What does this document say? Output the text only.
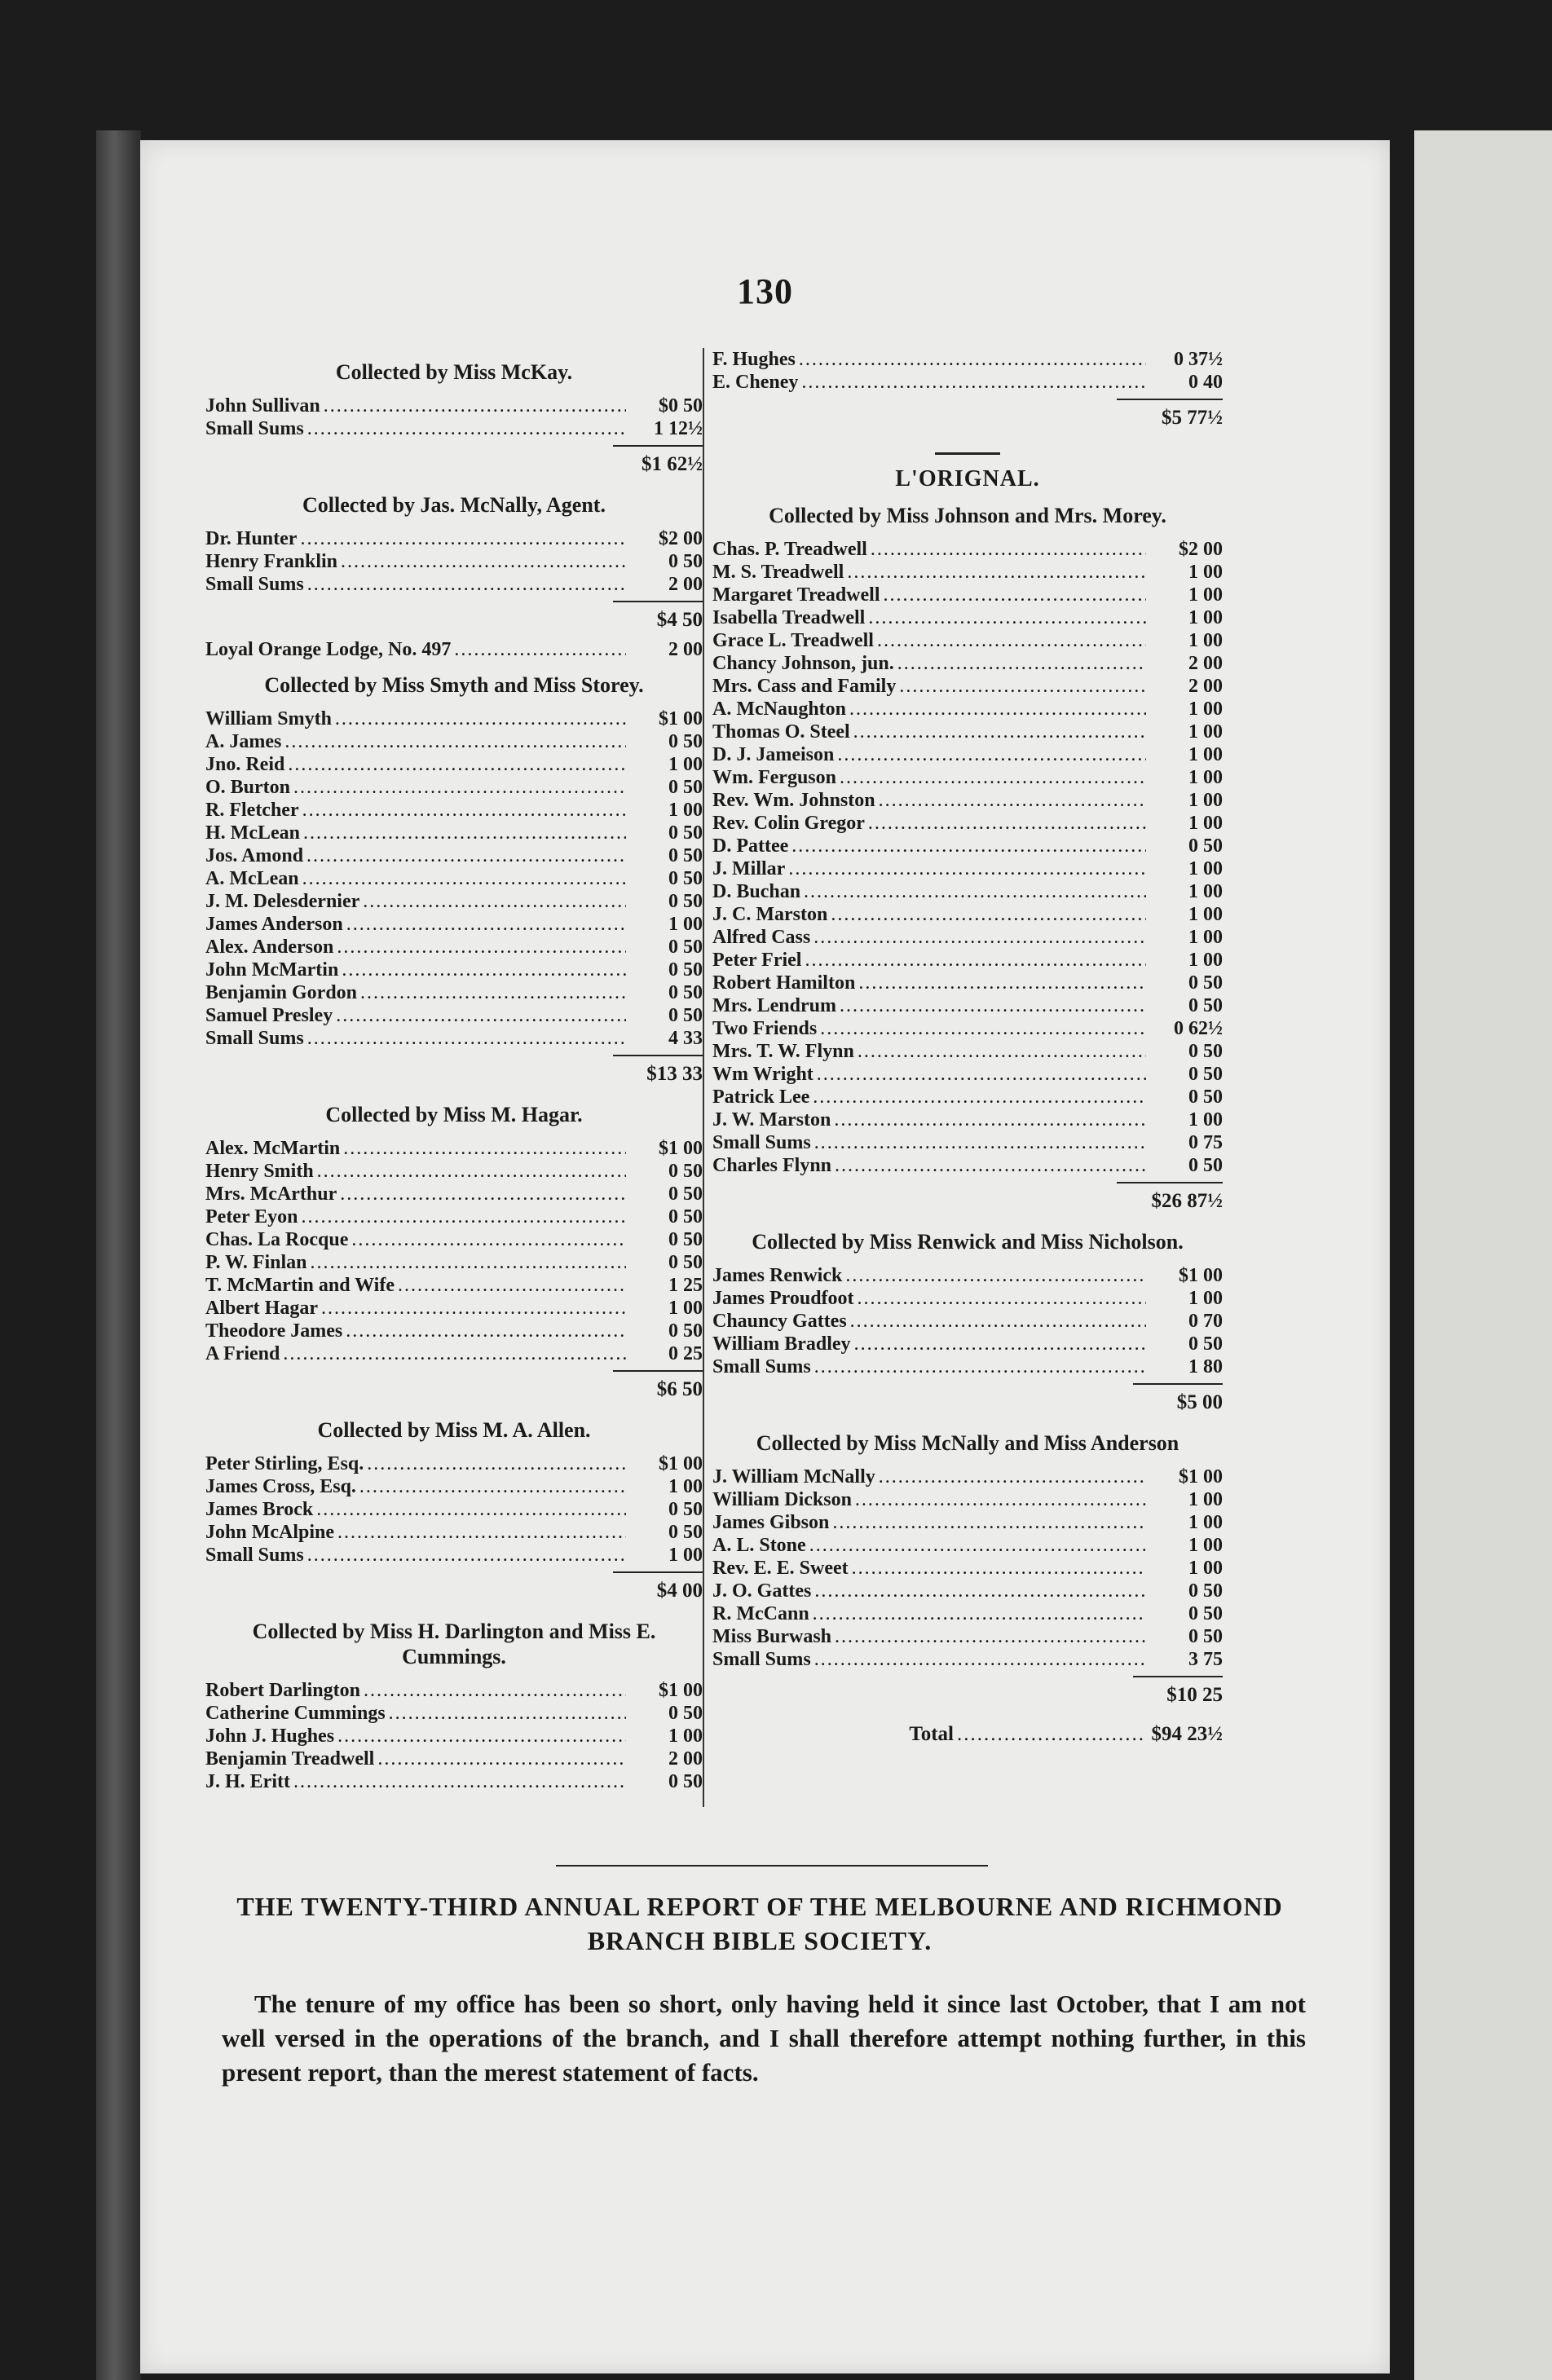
130
Collected by Miss McKay.
John Sullivan .....	$0 50
Small Sums .....	1 12½
$1 62½
Collected by Jas. McNally, Agent.
Dr. Hunter .....	$2 00
Henry Franklin .....	0 50
Small Sums .....	2 00
$4 50
Loyal Orange Lodge, No. 497 .....	2 00
Collected by Miss Smyth and Miss Storey.
William Smyth .....	$1 00
A. James .....	0 50
Jno. Reid .....	1 00
O. Burton .....	0 50
R. Fletcher .....	1 00
H. McLean .....	0 50
Jos. Amond .....	0 50
A. McLean .....	0 50
J. M. Delesdernier .....	0 50
James Anderson .....	1 00
Alex. Anderson .....	0 50
John McMartin .....	0 50
Benjamin Gordon .....	0 50
Samuel Presley .....	0 50
Small Sums .....	4 33
$13 33
Collected by Miss M. Hagar.
Alex. McMartin .....	$1 00
Henry Smith .....	0 50
Mrs. McArthur .....	0 50
Peter Eyon .....	0 50
Chas. La Rocque .....	0 50
P. W. Finlan .....	0 50
T. McMartin and Wife .....	1 25
Albert Hagar .....	1 00
Theodore James .....	0 50
A Friend .....	0 25
$6 50
Collected by Miss M. A. Allen.
Peter Stirling, Esq. .....	$1 00
James Cross, Esq. .....	1 00
James Brock .....	0 50
John McAlpine .....	0 50
Small Sums .....	1 00
$4 00
Collected by Miss H. Darlington and Miss E. Cummings.
Robert Darlington .....	$1 00
Catherine Cummings .....	0 50
John J. Hughes .....	1 00
Benjamin Treadwell .....	2 00
J. H. Eritt .....	0 50
F. Hughes .....	0 37½
E. Cheney .....	0 40
$5 77½
L'ORIGNAL.
Collected by Miss Johnson and Mrs. Morey.
Chas. P. Treadwell .....	$2 00
M. S. Treadwell .....	1 00
Margaret Treadwell .....	1 00
Isabella Treadwell .....	1 00
Grace L. Treadwell .....	1 00
Chancy Johnson, jun. .....	2 00
Mrs. Cass and Family .....	2 00
A. McNaughton .....	1 00
Thomas O. Steel .....	1 00
D. J. Jameison .....	1 00
Wm. Ferguson .....	1 00
Rev. Wm. Johnston .....	1 00
Rev. Colin Gregor .....	1 00
D. Pattee .....	0 50
J. Millar .....	1 00
D. Buchan .....	1 00
J. C. Marston .....	1 00
Alfred Cass .....	1 00
Peter Friel .....	1 00
Robert Hamilton .....	0 50
Mrs. Lendrum .....	0 50
Two Friends .....	0 62½
Mrs. T. W. Flynn .....	0 50
Wm Wright .....	0 50
Patrick Lee .....	0 50
J. W. Marston .....	1 00
Small Sums .....	0 75
Charles Flynn .....	0 50
$26 87½
Collected by Miss Renwick and Miss Nicholson.
James Renwick .....	$1 00
James Proudfoot .....	1 00
Chauncy Gattes .....	0 70
William Bradley .....	0 50
Small Sums .....	1 80
$5 00
Collected by Miss McNally and Miss Anderson
J. William McNally .....	$1 00
William Dickson .....	1 00
James Gibson .....	1 00
A. L. Stone .....	1 00
Rev. E. E. Sweet .....	1 00
J. O. Gattes .....	0 50
R. McCann .....	0 50
Miss Burwash .....	0 50
Small Sums .....	3 75
$10 25
Total .....	$94 23½
THE TWENTY-THIRD ANNUAL REPORT OF THE MELBOURNE AND RICHMOND BRANCH BIBLE SOCIETY.
The tenure of my office has been so short, only having held it since last October, that I am not well versed in the operations of the branch, and I shall therefore attempt nothing further, in this present report, than the merest statement of facts.
